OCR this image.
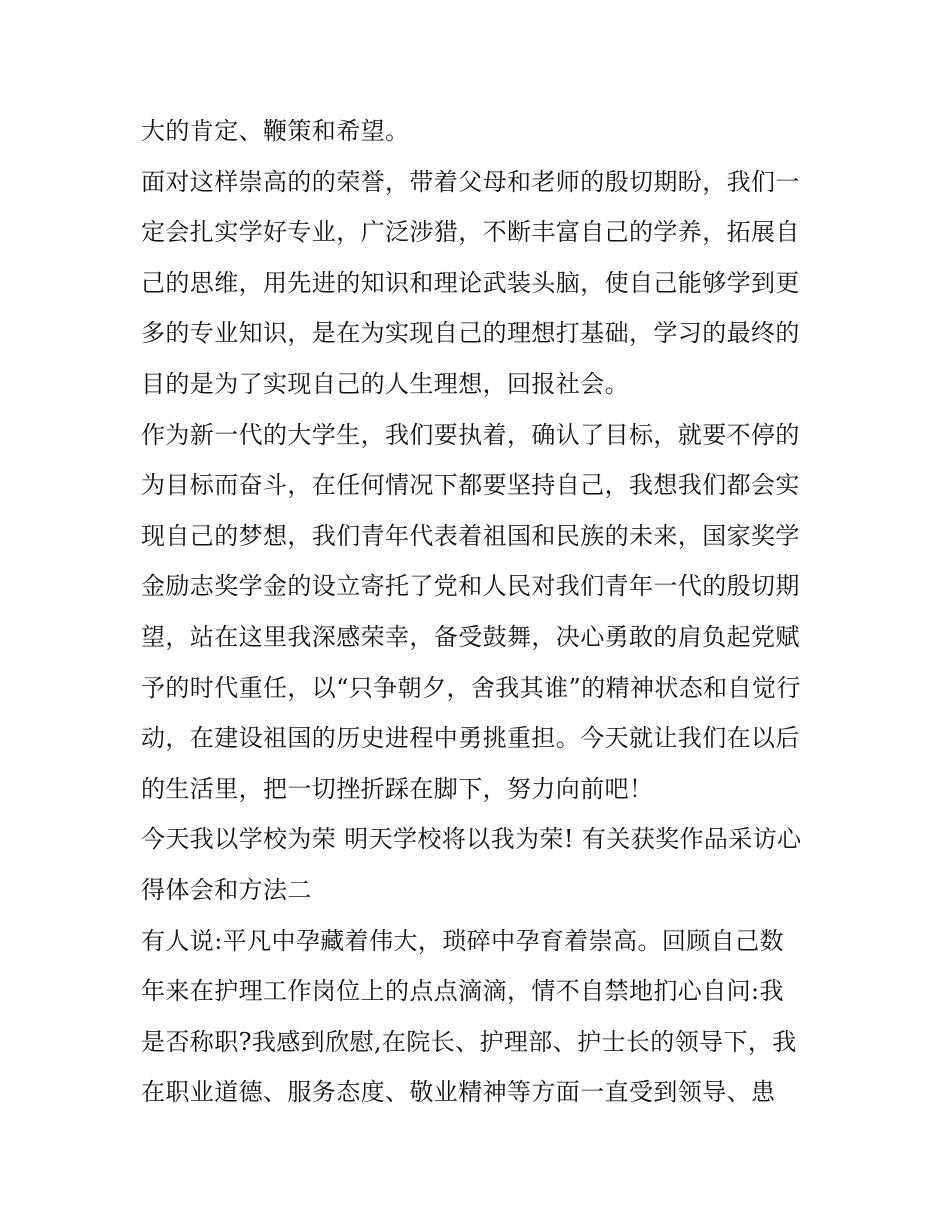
大的肯定、鞭策和希望。
面对这样崇高的的荣誉，带着父母和老师的殷切期盼，我们一
定会扎实学好专业，广泛涉猎，不断丰富自己的学养，拓展自
己的思维，用先进的知识和理论武装头脑，使自己能够学到更
多的专业知识，是在为实现自己的理想打基础，学习的最终的
目的是为了实现自己的人生理想，回报社会。
作为新一代的大学生，我们要执着，确认了目标，就要不停的
为目标而奋斗，在任何情况下都要坚持自己，我想我们都会实
现自己的梦想，我们青年代表着祖国和民族的未来，国家奖学
金励志奖学金的设立寄托了党和人民对我们青年一代的殷切期
望，站在这里我深感荣幸，备受鼓舞，决心勇敢的肩负起党赋
予的时代重任，以“只争朝夕，舍我其谁”的精神状态和自觉行
动，在建设祖国的历史进程中勇挑重担。今天就让我们在以后
的生活里，把一切挫折踩在脚下，努力向前吧！
今天我以学校为荣 明天学校将以我为荣! 有关获奖作品采访心
得体会和方法二
有人说:平凡中孕藏着伟大，琐碎中孕育着崇高。回顾自己数
年来在护理工作岗位上的点点滴滴，情不自禁地扪心自问:我
是否称职?我感到欣慰,在院长、护理部、护士长的领导下，我
在职业道德、服务态度、敬业精神等方面一直受到领导、患
